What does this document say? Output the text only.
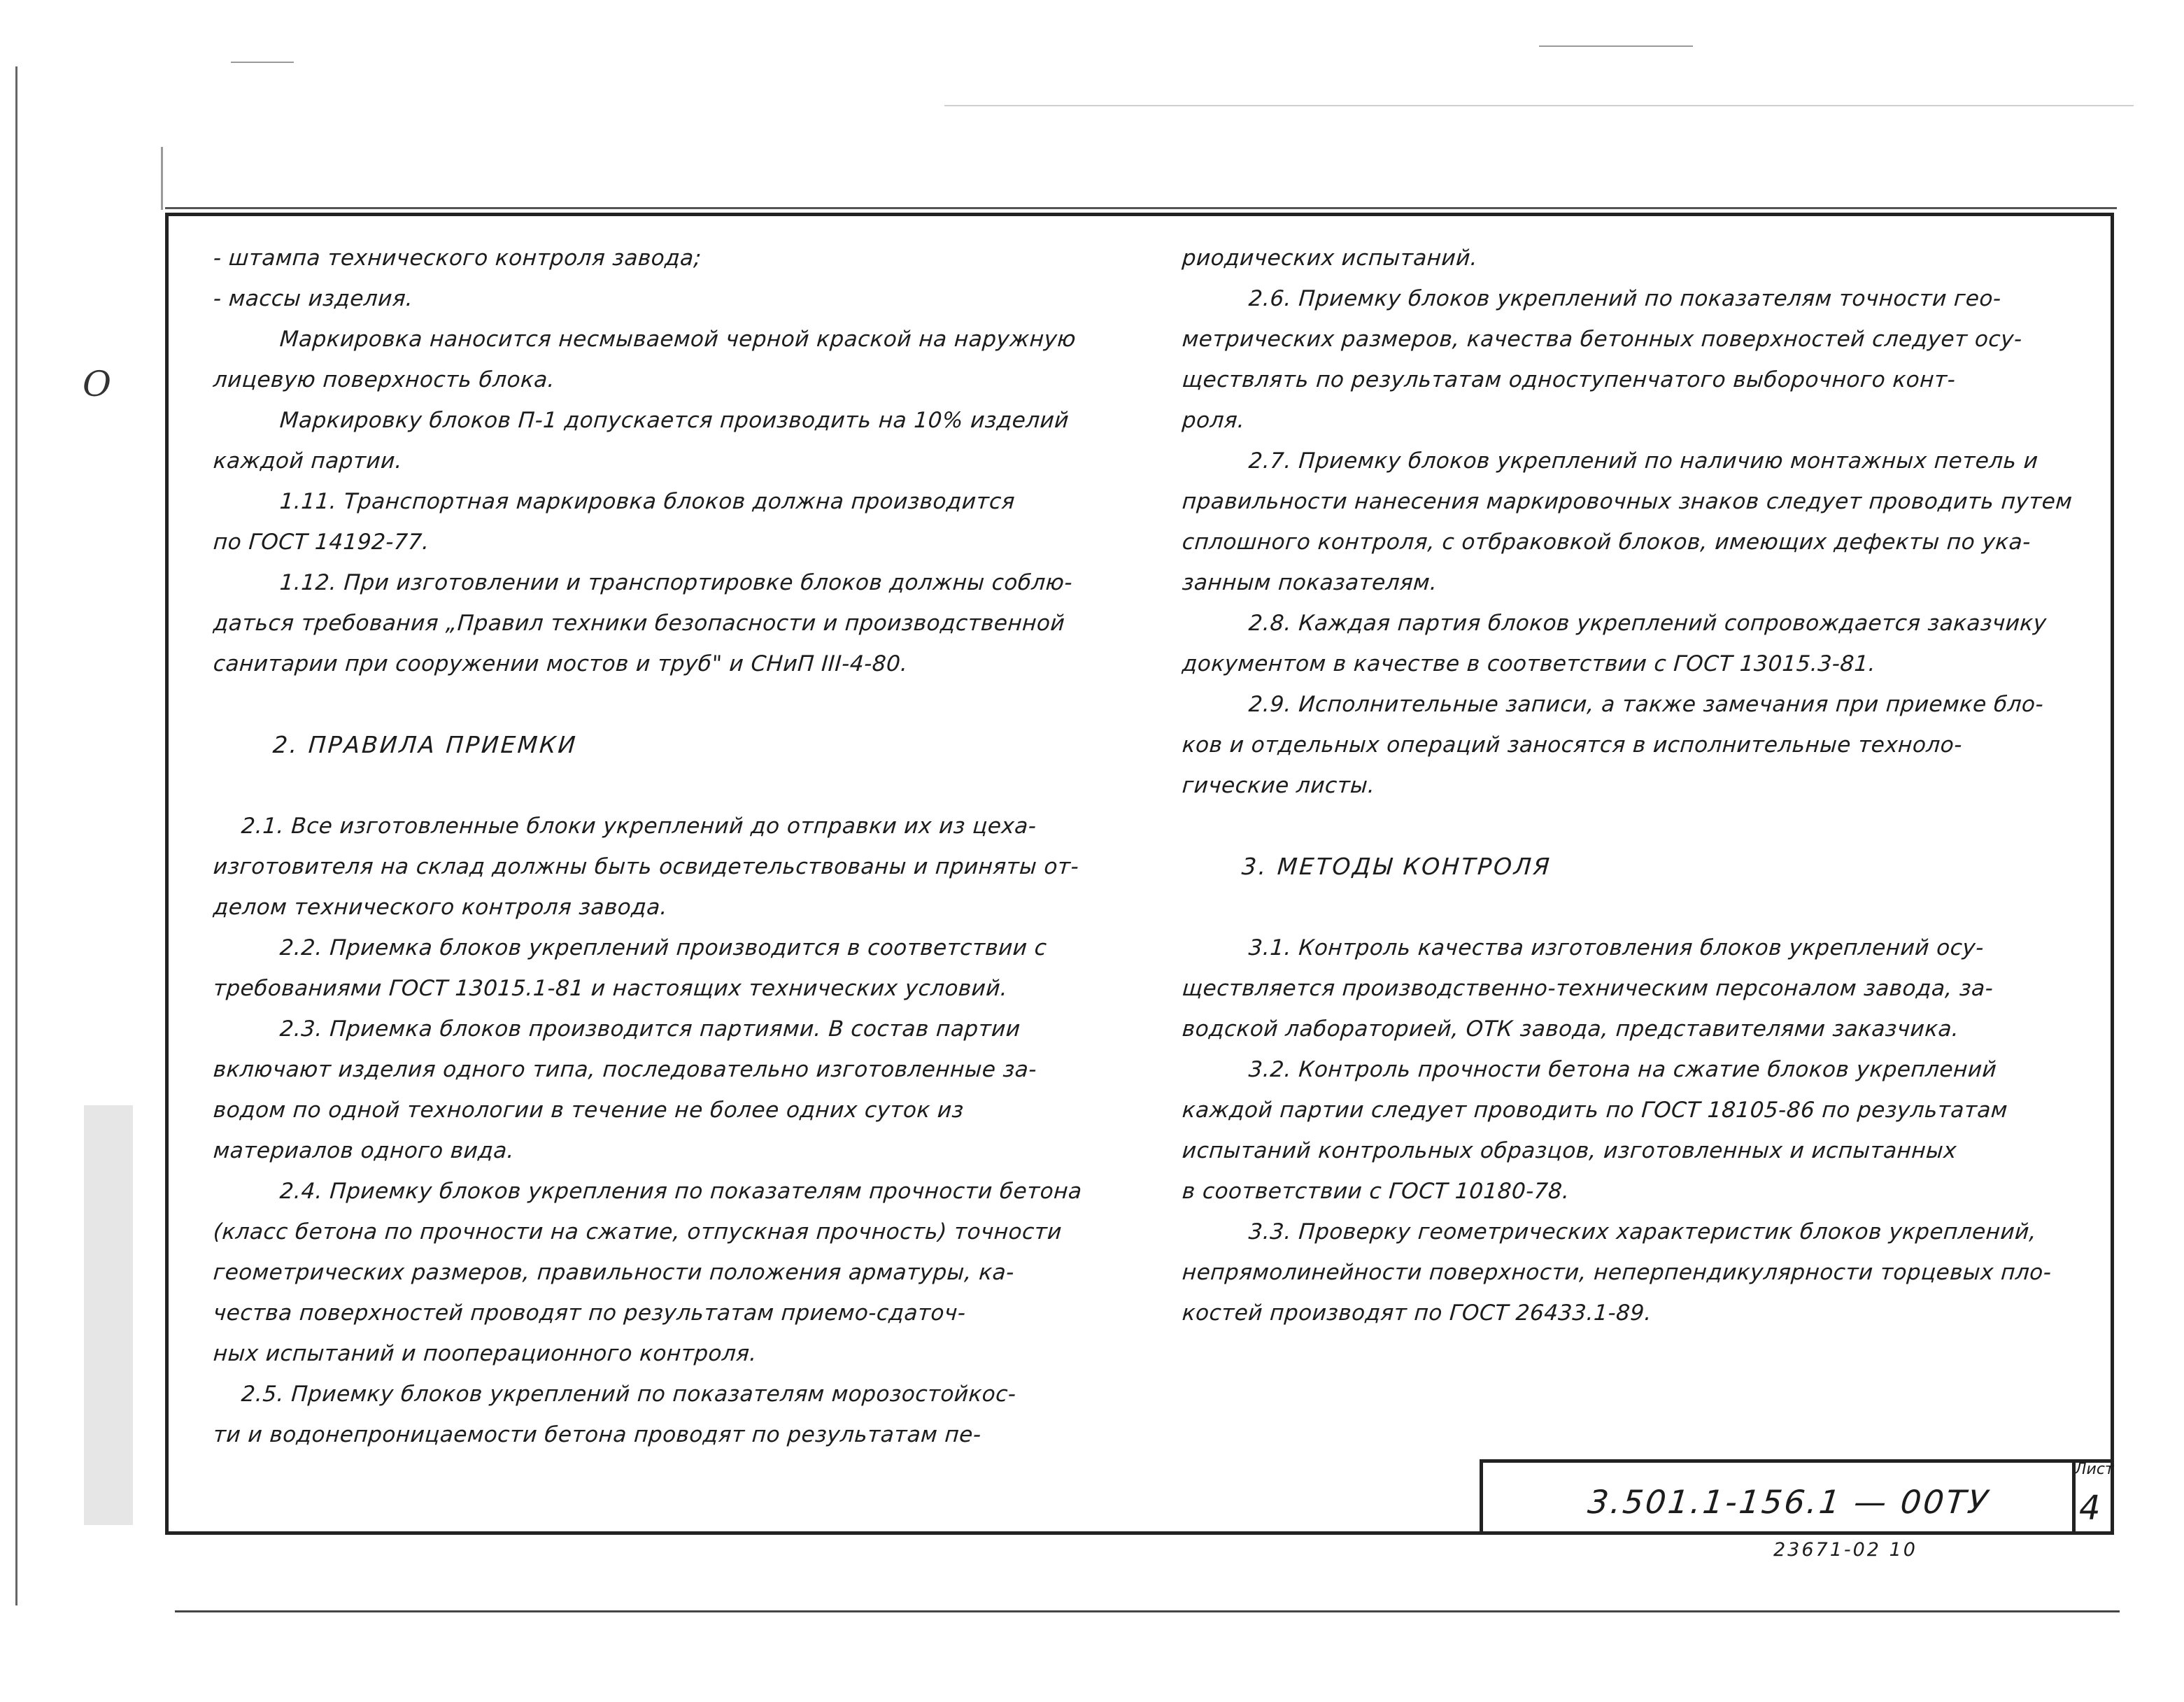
O
- штампа технического контроля завода;
- массы изделия.
Маркировка наносится несмываемой черной краской на наружную
лицевую поверхность блока.
Маркировку блоков П-1 допускается производить на 10% изделий
каждой партии.
1.11. Транспортная маркировка блоков должна производится
по ГОСТ 14192-77.
1.12. При изготовлении и транспортировке блоков должны соблю-
даться требования „Правил техники безопасности и производственной
санитарии при сооружении мостов и труб" и СНиП III-4-80.
2. ПРАВИЛА ПРИЕМКИ
2.1. Все изготовленные блоки укреплений до отправки их из цеха-
изготовителя на склад должны быть освидетельствованы и приняты от-
делом технического контроля завода.
2.2. Приемка блоков укреплений производится в соответствии с
требованиями ГОСТ 13015.1-81 и настоящих технических условий.
2.3. Приемка блоков производится партиями. В состав партии
включают изделия одного типа, последовательно изготовленные за-
водом по одной технологии в течение не более одних суток из
материалов одного вида.
2.4. Приемку блоков укрепления по показателям прочности бетона
(класс бетона по прочности на сжатие, отпускная прочность) точности
геометрических размеров, правильности положения арматуры, ка-
чества поверхностей проводят по результатам приемо-сдаточ-
ных испытаний и пооперационного контроля.
2.5. Приемку блоков укреплений по показателям морозостойкос-
ти и водонепроницаемости бетона проводят по результатам пе-
риодических испытаний.
2.6. Приемку блоков укреплений по показателям точности гео-
метрических размеров, качества бетонных поверхностей следует осу-
ществлять по результатам одноступенчатого выборочного конт-
роля.
2.7. Приемку блоков укреплений по наличию монтажных петель и
правильности нанесения маркировочных знаков следует проводить путем
сплошного контроля, с отбраковкой блоков, имеющих дефекты по ука-
занным показателям.
2.8. Каждая партия блоков укреплений сопровождается заказчику
документом в качестве в соответствии с ГОСТ 13015.3-81.
2.9. Исполнительные записи, а также замечания при приемке бло-
ков и отдельных операций заносятся в исполнительные техноло-
гические листы.
3. МЕТОДЫ КОНТРОЛЯ
3.1. Контроль качества изготовления блоков укреплений осу-
ществляется производственно-техническим персоналом завода, за-
водской лабораторией, ОТК завода, представителями заказчика.
3.2. Контроль прочности бетона на сжатие блоков укреплений
каждой партии следует проводить по ГОСТ 18105-86 по результатам
испытаний контрольных образцов, изготовленных и испытанных
в соответствии с ГОСТ 10180-78.
3.3. Проверку геометрических характеристик блоков укреплений,
непрямолинейности поверхности, неперпендикулярности торцевых пло-
костей производят по ГОСТ 26433.1-89.
3.501.1-156.1 — 00ТУ
Лист
4
23671-02 10
